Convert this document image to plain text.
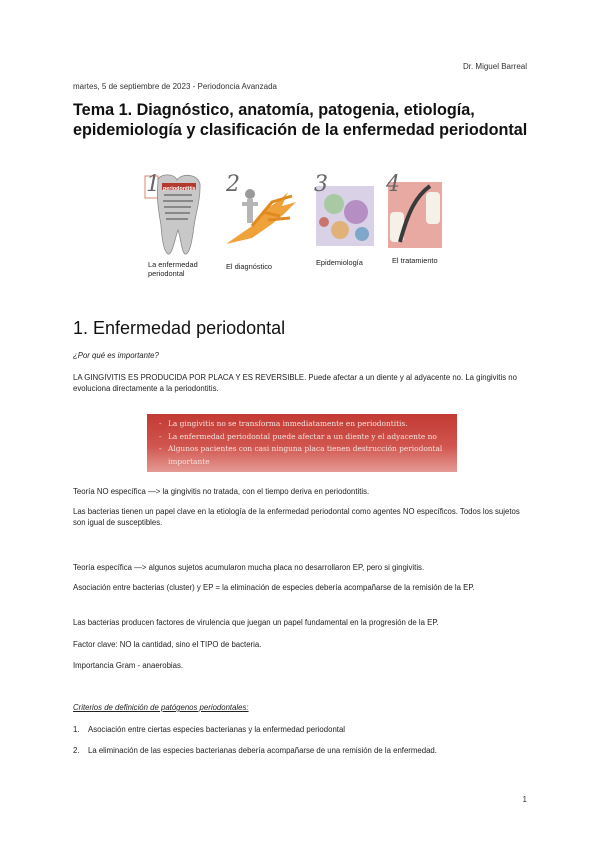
Dr. Miguel Barreal
martes, 5 de septiembre de 2023 - Periodoncia Avanzada
Tema 1. Diagnóstico, anatomía, patogenia, etiología, epidemiología y clasificación de la enfermedad periodontal
1 periodontitis
La enfermedad periodontal
2
El diagnóstico
3
Epidemiología
4
El tratamiento
1. Enfermedad periodontal
¿Por qué es importante?
LA GINGIVITIS ES PRODUCIDA POR PLACA Y ES REVERSIBLE. Puede afectar a un diente y al adyacente no. La gingivitis no evoluciona directamente a la periodontitis.
- La gingivitis no se transforma inmediatamente en periodontitis.
- La enfermedad periodontal puede afectar a un diente y el adyacente no
- Algunos pacientes con casi ninguna placa tienen destrucción periodontal importante
Teoría NO específica —> la gingivitis no tratada, con el tiempo deriva en periodontitis.
Las bacterias tienen un papel clave en la etiología de la enfermedad periodontal como agentes NO específicos. Todos los sujetos son igual de susceptibles.
Teoría específica —> algunos sujetos acumularon mucha placa no desarrollaron EP, pero si gingivitis.
Asociación entre bacterias (cluster) y EP = la eliminación de especies debería acompañarse de la remisión de la EP.
Las bacterias producen factores de virulencia que juegan un papel fundamental en la progresión de la EP.
Factor clave: NO la cantidad, sino el TIPO de bacteria.
Importancia Gram - anaerobias.
Criterios de definición de patógenos periodontales:
1. Asociación entre ciertas especies bacterianas y la enfermedad periodontal
2. La eliminación de las especies bacterianas debería acompañarse de una remisión de la enfermedad.
1
